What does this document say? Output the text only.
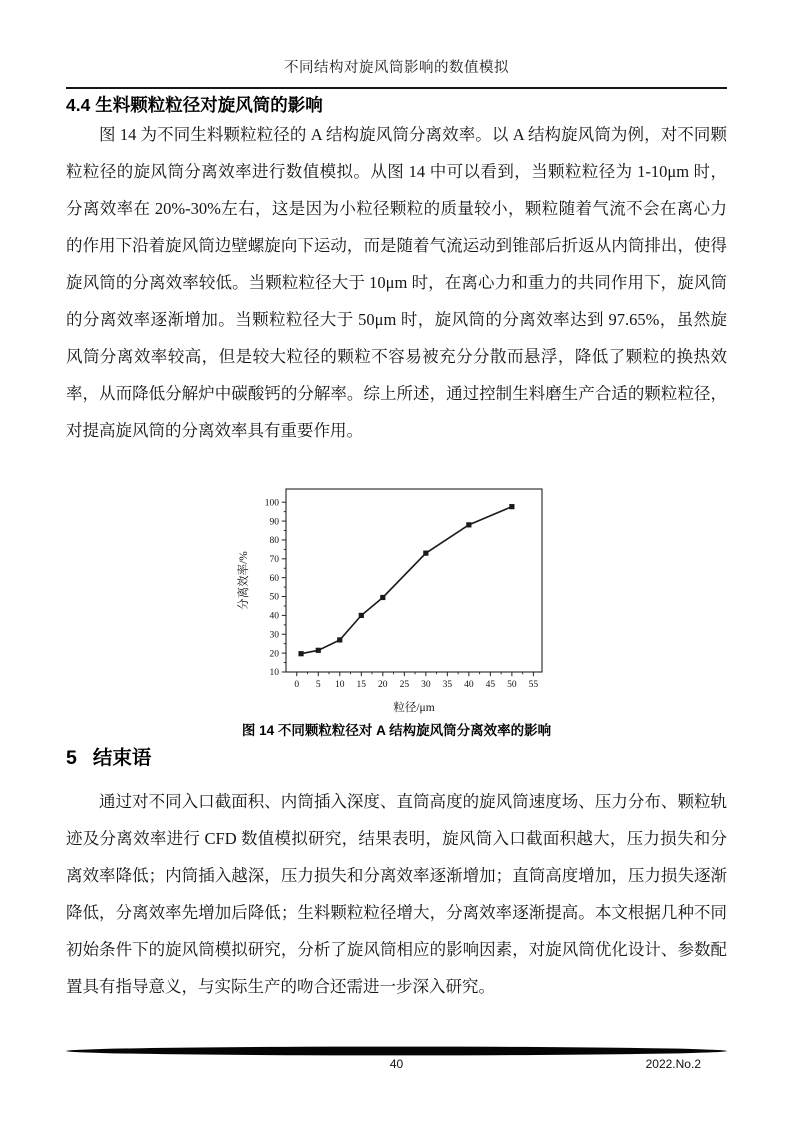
不同结构对旋风筒影响的数值模拟
4.4 生料颗粒粒径对旋风筒的影响
图 14 为不同生料颗粒粒径的 A 结构旋风筒分离效率。以 A 结构旋风筒为例，对不同颗粒粒径的旋风筒分离效率进行数值模拟。从图 14 中可以看到，当颗粒粒径为 1-10μm 时，分离效率在 20%-30%左右，这是因为小粒径颗粒的质量较小，颗粒随着气流不会在离心力的作用下沿着旋风筒边壁螺旋向下运动，而是随着气流运动到锥部后折返从内筒排出，使得旋风筒的分离效率较低。当颗粒粒径大于 10μm 时，在离心力和重力的共同作用下，旋风筒的分离效率逐渐增加。当颗粒粒径大于 50μm 时，旋风筒的分离效率达到 97.65%，虽然旋风筒分离效率较高，但是较大粒径的颗粒不容易被充分分散而悬浮，降低了颗粒的换热效率，从而降低分解炉中碳酸钙的分解率。综上所述，通过控制生料磨生产合适的颗粒粒径，对提高旋风筒的分离效率具有重要作用。
0 5 10 15 20 25 30 35 40 45 50 55
10
20
30
40
50
60
70
80
90
100
粒径/μm
分离效率/%
图 14 不同颗粒粒径对 A 结构旋风筒分离效率的影响
5 结束语
通过对不同入口截面积、内筒插入深度、直筒高度的旋风筒速度场、压力分布、颗粒轨迹及分离效率进行 CFD 数值模拟研究，结果表明，旋风筒入口截面积越大，压力损失和分离效率降低；内筒插入越深，压力损失和分离效率逐渐增加；直筒高度增加，压力损失逐渐降低，分离效率先增加后降低；生料颗粒粒径增大，分离效率逐渐提高。本文根据几种不同初始条件下的旋风筒模拟研究，分析了旋风筒相应的影响因素，对旋风筒优化设计、参数配置具有指导意义，与实际生产的吻合还需进一步深入研究。
40	2022.No.2
